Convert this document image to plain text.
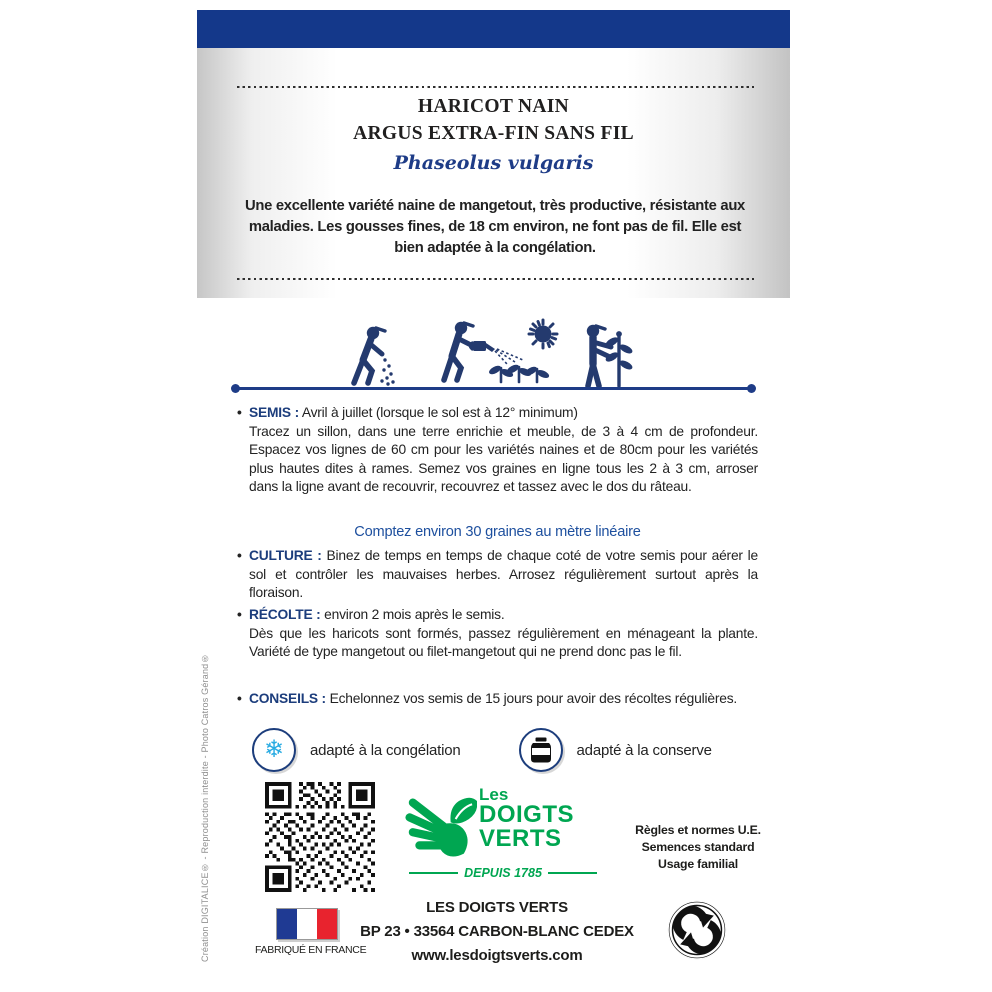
HARICOT NAIN
ARGUS EXTRA-FIN SANS FIL
Phaseolus vulgaris
Une excellente variété naine de mangetout, très productive, résistante aux maladies. Les gousses fines, de 18 cm environ, ne font pas de fil. Elle est bien adaptée à la congélation.
• SEMIS : Avril à juillet (lorsque le sol est à 12° minimum)
Tracez un sillon, dans une terre enrichie et meuble, de 3 à 4 cm de profondeur. Espacez vos lignes de 60 cm pour les variétés naines et de 80cm pour les variétés plus hautes dites à rames. Semez vos graines en ligne tous les 2 à 3 cm, arroser dans la ligne avant de recouvrir, recouvrez et tassez avec le dos du râteau.
Comptez environ 30 graines au mètre linéaire
• CULTURE : Binez de temps en temps de chaque coté de votre semis pour aérer le sol et contrôler les mauvaises herbes. Arrosez régulièrement surtout après la floraison.
• RÉCOLTE : environ 2 mois après le semis.
Dès que les haricots sont formés, passez régulièrement en ménageant la plante. Variété de type mangetout ou filet-mangetout qui ne prend donc pas le fil.
• CONSEILS : Echelonnez vos semis de 15 jours pour avoir des récoltes régulières.
❄ adapté à la congélation	adapté à la conserve
Les
DOIGTS
VERTS
DEPUIS 1785
Règles et normes U.E.
Semences standard
Usage familial
FABRIQUÉ EN FRANCE
LES DOIGTS VERTS
BP 23 • 33564 CARBON-BLANC CEDEX
www.lesdoigtsverts.com
Création DIGITALICE® - Reproduction interdite - Photo Catros Gérand®
